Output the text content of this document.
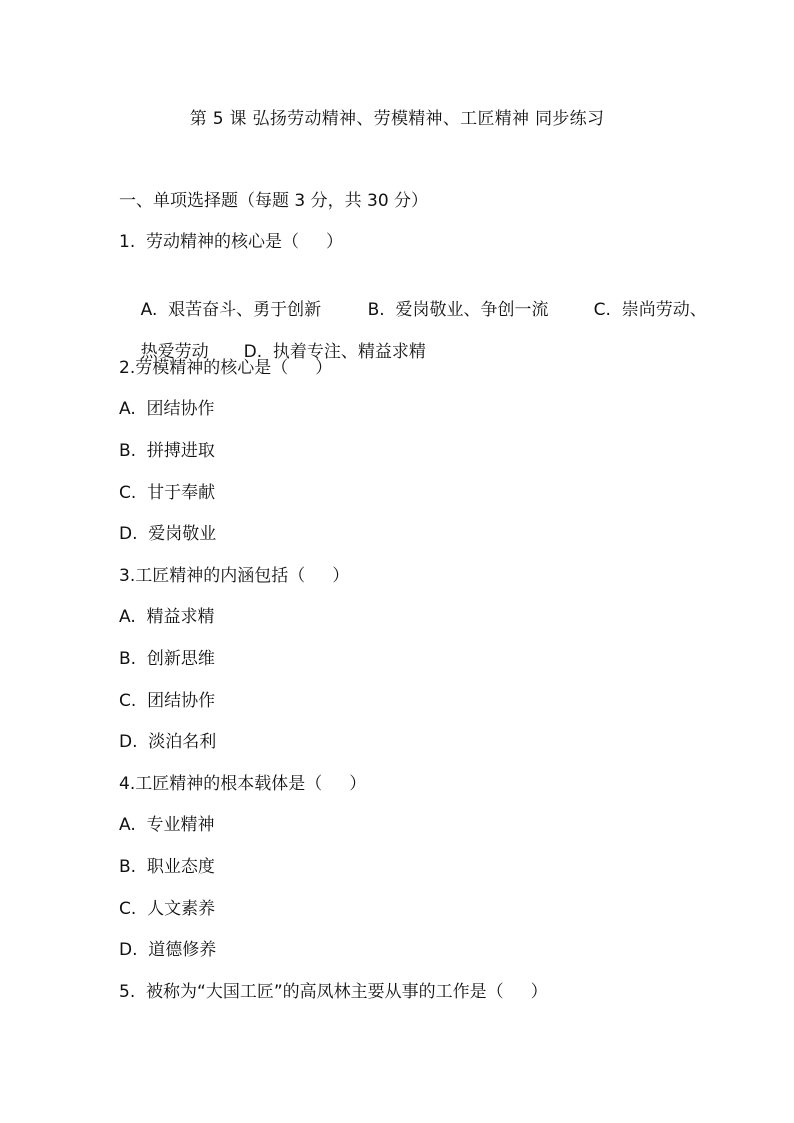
第 5 课 弘扬劳动精神、劳模精神、工匠精神 同步练习
一、单项选择题（每题 3 分，共 30 分）
1.  劳动精神的核心是（     ）

A.  艰苦奋斗、勇于创新	B.  爱岗敬业、争创一流	C.  崇尚劳动、

热爱劳动 D.  执着专注、精益求精

2.劳模精神的核心是（     ）
A.  团结协作
B.  拼搏进取
C.  甘于奉献
D.  爱岗敬业
3.工匠精神的内涵包括（     ）
A.  精益求精
B.  创新思维
C.  团结协作
D.  淡泊名利
4.工匠精神的根本载体是（     ）
A.  专业精神
B.  职业态度
C.  人文素养
D.  道德修养
5.  被称为“大国工匠”的高凤林主要从事的工作是（     ）
